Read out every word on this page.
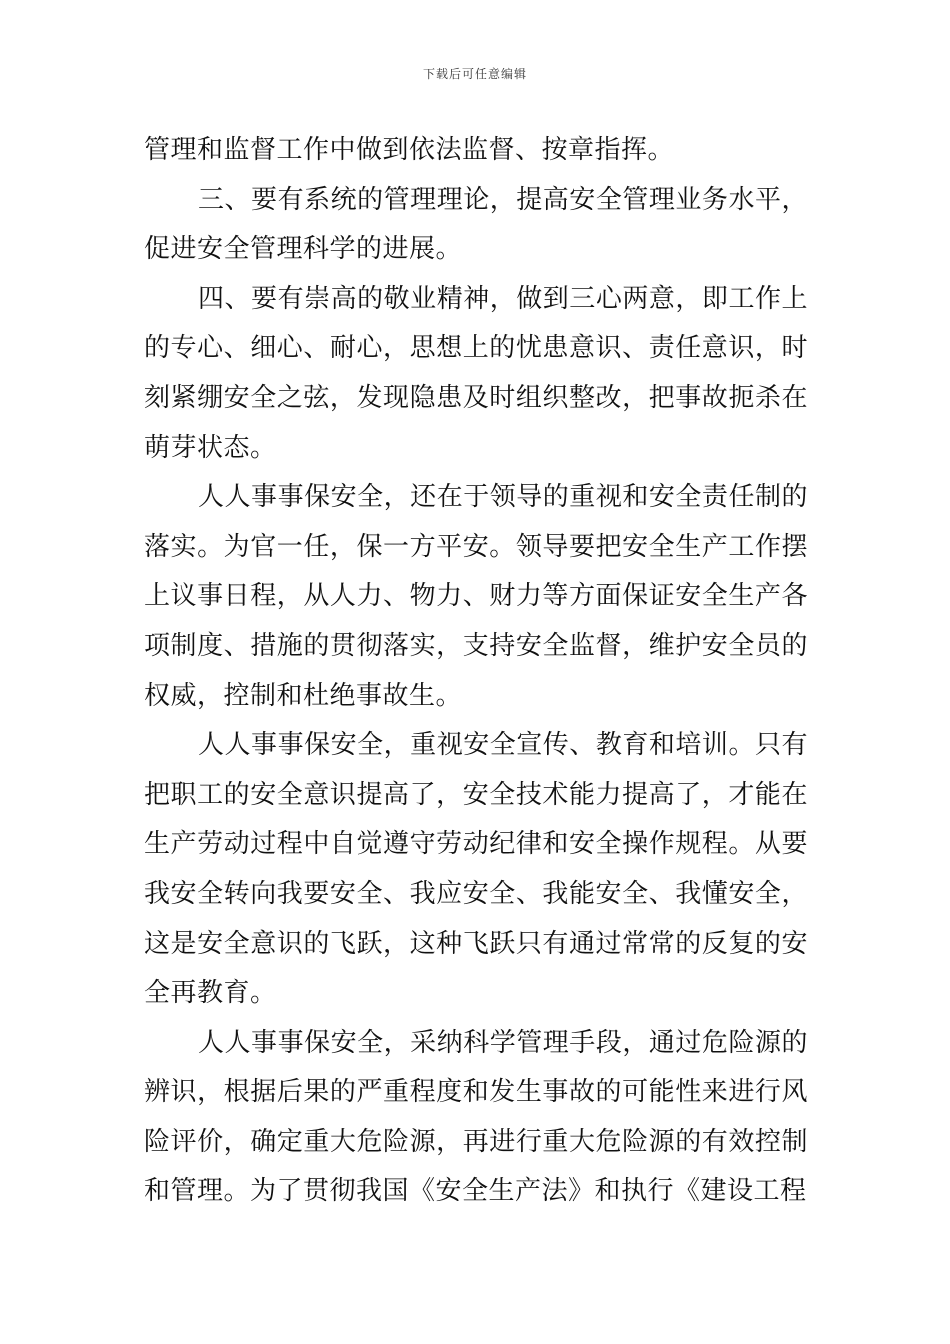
下载后可任意编辑

管理和监督工作中做到依法监督、按章指挥。

三、要有系统的管理理论，提高安全管理业务水平，促进安全管理科学的进展。

四、要有崇高的敬业精神，做到三心两意，即工作上的专心、细心、耐心，思想上的忧患意识、责任意识，时刻紧绷安全之弦，发现隐患及时组织整改，把事故扼杀在萌芽状态。

人人事事保安全，还在于领导的重视和安全责任制的落实。为官一任，保一方平安。领导要把安全生产工作摆上议事日程，从人力、物力、财力等方面保证安全生产各项制度、措施的贯彻落实，支持安全监督，维护安全员的权威，控制和杜绝事故生。

人人事事保安全，重视安全宣传、教育和培训。只有把职工的安全意识提高了，安全技术能力提高了，才能在生产劳动过程中自觉遵守劳动纪律和安全操作规程。从要我安全转向我要安全、我应安全、我能安全、我懂安全，这是安全意识的飞跃，这种飞跃只有通过常常的反复的安全再教育。

人人事事保安全，采纳科学管理手段，通过危险源的辨识，根据后果的严重程度和发生事故的可能性来进行风险评价，确定重大危险源，再进行重大危险源的有效控制和管理。为了贯彻我国《安全生产法》和执行《建设工程
